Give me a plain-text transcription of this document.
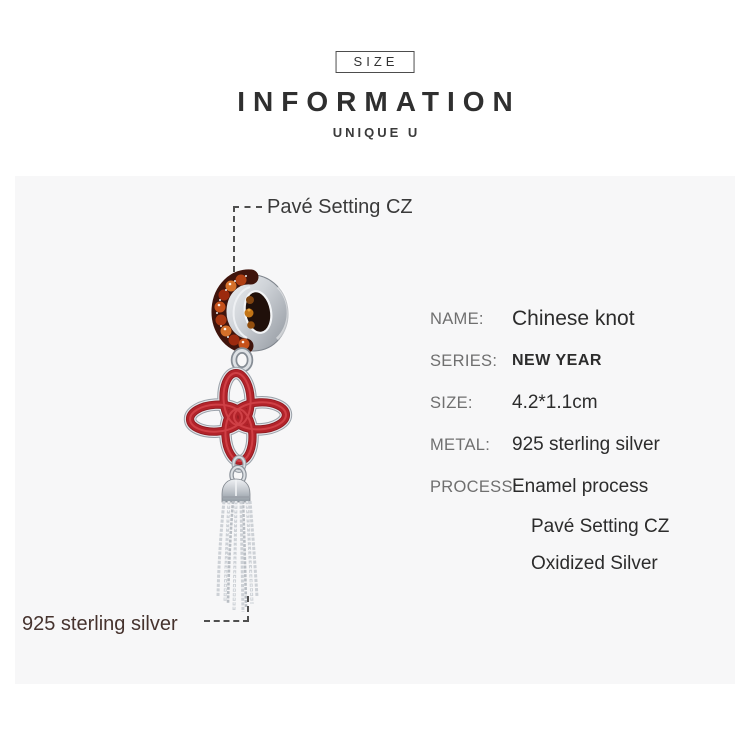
SIZE
INFORMATION
UNIQUE U
Pavé Setting CZ
925 sterling silver
NAME:	Chinese knot
SERIES: NEW YEAR
SIZE:	4.2*1.1cm
METAL:	925 sterling silver
PROCESS:
Enamel process
Pavé Setting CZ
Oxidized Silver
